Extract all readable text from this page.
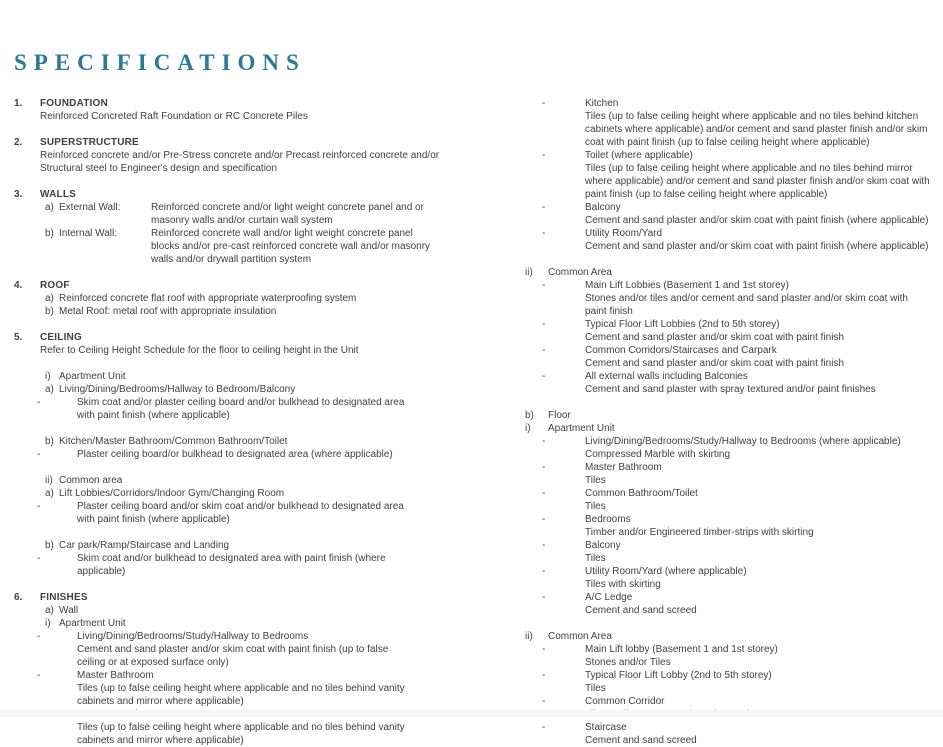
SPECIFICATIONS
1.	FOUNDATION
Reinforced Concreted Raft Foundation or RC Concrete Piles
2.	SUPERSTRUCTURE
Reinforced concrete and/or Pre-Stress concrete and/or Precast reinforced concrete and/or Structural steel to Engineer's design and specification
3.	WALLS
a) External Wall:	Reinforced concrete and/or light weight concrete panel and or masonry walls and/or curtain wall system
b) Internal Wall:	Reinforced concrete wall and/or light weight concrete panel blocks and/or pre-cast reinforced concrete wall and/or masonry walls and/or drywall partition system
4.	ROOF
a) Reinforced concrete flat roof with appropriate waterproofing system
b) Metal Roof: metal roof with appropriate insulation
5.	CEILING
Refer to Ceiling Height Schedule for the floor to ceiling height in the Unit
i) Apartment Unit
a) Living/Dining/Bedrooms/Hallway to Bedroom/Balcony
-	Skim coat and/or plaster ceiling board and/or bulkhead to designated area with paint finish (where applicable)
b) Kitchen/Master Bathroom/Common Bathroom/Toilet
-	Plaster ceiling board/or bulkhead to designated area (where applicable)
ii) Common area
a) Lift Lobbies/Corridors/Indoor Gym/Changing Room
-	Plaster ceiling board and/or skim coat and/or bulkhead to designated area with paint finish (where applicable)
b) Car park/Ramp/Staircase and Landing
-	Skim coat and/or bulkhead to designated area with paint finish (where applicable)
6.	FINISHES
a) Wall
i) Apartment Unit
-	Living/Dining/Bedrooms/Study/Hallway to Bedrooms
Cement and sand plaster and/or skim coat with paint finish (up to false ceiling or at exposed surface only)
-	Master Bathroom
Tiles (up to false ceiling height where applicable and no tiles behind vanity cabinets and mirror where applicable)
Tiles (up to false ceiling height where applicable and no tiles behind vanity cabinets and mirror where applicable)
-	Kitchen
Tiles (up to false ceiling height where applicable and no tiles behind kitchen cabinets where applicable) and/or cement and sand plaster finish and/or skim coat with paint finish (up to false ceiling height where applicable)
-	Toilet (where applicable)
Tiles (up to false ceiling height where applicable and no tiles behind mirror where applicable) and/or cement and sand plaster finish and/or skim coat with paint finish (up to false ceiling height where applicable)
-	Balcony
Cement and sand plaster and/or skim coat with paint finish (where applicable)
-	Utility Room/Yard
Cement and sand plaster and/or skim coat with paint finish (where applicable)
ii)	Common Area
-	Main Lift Lobbies (Basement 1 and 1st storey)
Stones and/or tiles and/or cement and sand plaster and/or skim coat with paint finish
-	Typical Floor Lift Lobbies (2nd to 5th storey)
Cement and sand plaster and/or skim coat with paint finish
-	Common Corridors/Staircases and Carpark
Cement and sand plaster and/or skim coat with paint finish
-	All external walls including Balconies
Cement and sand plaster with spray textured and/or paint finishes
b)	Floor
i)	Apartment Unit
-	Living/Dining/Bedrooms/Study/Hallway to Bedrooms (where applicable)
Compressed Marble with skirting
-	Master Bathroom
Tiles
-	Common Bathroom/Toilet
Tiles
-	Bedrooms
Timber and/or Engineered timber-strips with skirting
-	Balcony
Tiles
-	Utility Room/Yard (where applicable)
Tiles with skirting
-	A/C Ledge
Cement and sand screed
ii)	Common Area
-	Main Lift lobby (Basement 1 and 1st storey)
Stones and/or Tiles
-	Typical Floor Lift Lobby (2nd to 5th storey)
Tiles
-	Common Corridor
-	Staircase
Cement and sand screed
